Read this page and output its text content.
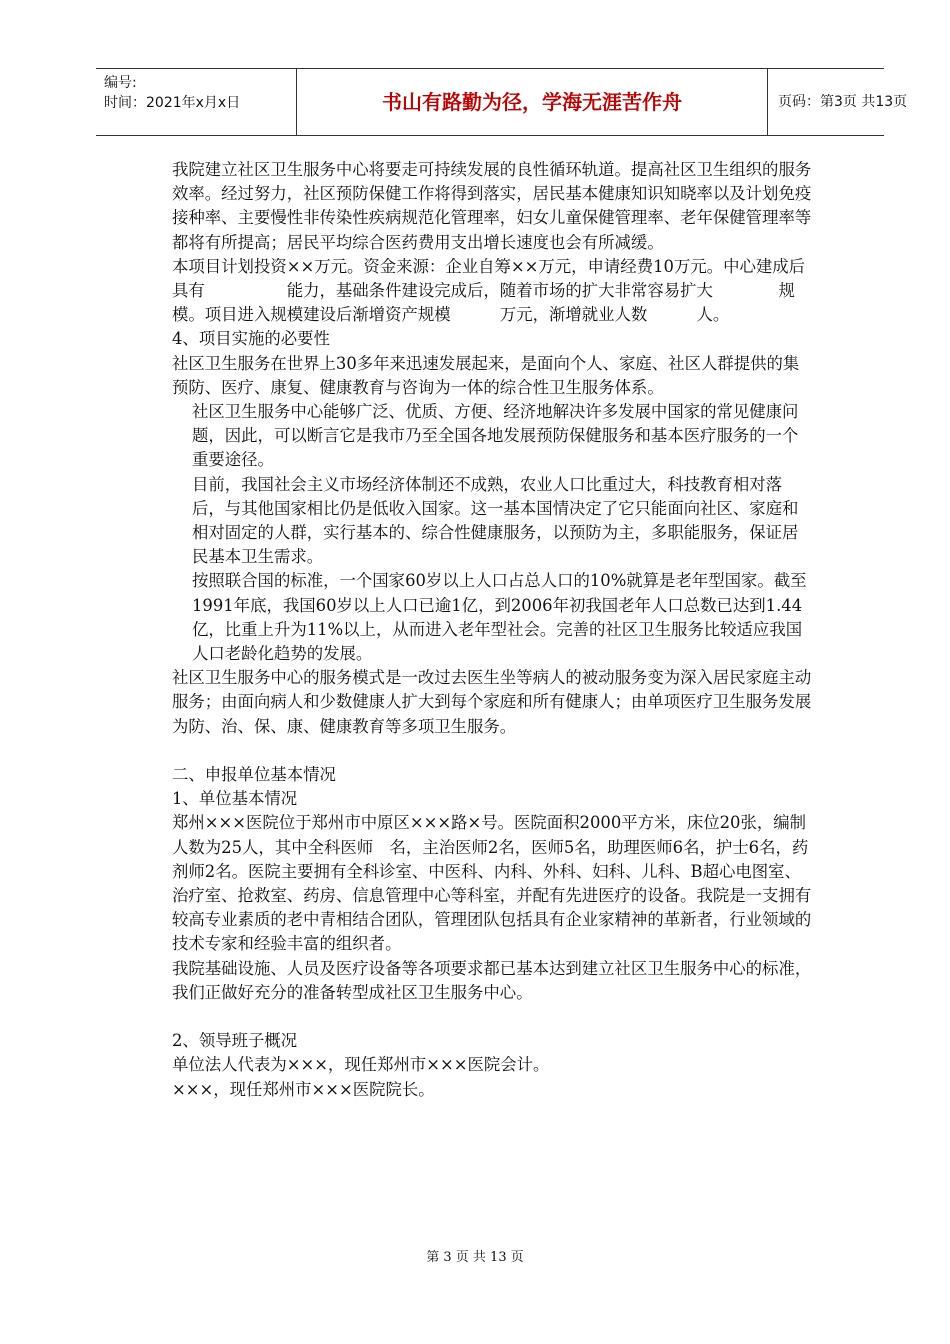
编号:
时间：2021年x月x日	书山有路勤为径，学海无涯苦作舟	页码：第3页 共13页

我院建立社区卫生服务中心将要走可持续发展的良性循环轨道。提高社区卫生组织的服务效率。经过努力，社区预防保健工作将得到落实，居民基本健康知识知晓率以及计划免疫接种率、主要慢性非传染性疾病规范化管理率，妇女儿童保健管理率、老年保健管理率等都将有所提高；居民平均综合医药费用支出增长速度也会有所减缓。

本项目计划投资××万元。资金来源：企业自筹××万元，申请经费10万元。中心建成后具有　　　　　能力，基础条件建设完成后，随着市场的扩大非常容易扩大　　　　规模。项目进入规模建设后渐增资产规模　　　万元，渐增就业人数　　　人。

4、项目实施的必要性

社区卫生服务在世界上30多年来迅速发展起来，是面向个人、家庭、社区人群提供的集预防、医疗、康复、健康教育与咨询为一体的综合性卫生服务体系。

社区卫生服务中心能够广泛、优质、方便、经济地解决许多发展中国家的常见健康问题，因此，可以断言它是我市乃至全国各地发展预防保健服务和基本医疗服务的一个重要途径。

目前，我国社会主义市场经济体制还不成熟，农业人口比重过大，科技教育相对落后，与其他国家相比仍是低收入国家。这一基本国情决定了它只能面向社区、家庭和相对固定的人群，实行基本的、综合性健康服务，以预防为主，多职能服务，保证居民基本卫生需求。

按照联合国的标准，一个国家60岁以上人口占总人口的10%就算是老年型国家。截至1991年底，我国60岁以上人口已逾1亿，到2006年初我国老年人口总数已达到1.44亿，比重上升为11%以上，从而进入老年型社会。完善的社区卫生服务比较适应我国人口老龄化趋势的发展。

社区卫生服务中心的服务模式是一改过去医生坐等病人的被动服务变为深入居民家庭主动服务；由面向病人和少数健康人扩大到每个家庭和所有健康人；由单项医疗卫生服务发展为防、治、保、康、健康教育等多项卫生服务。

二、申报单位基本情况

1、单位基本情况

郑州×××医院位于郑州市中原区×××路×号。医院面积2000平方米，床位20张，编制人数为25人，其中全科医师　名，主治医师2名，医师5名，助理医师6名，护士6名，药剂师2名。医院主要拥有全科诊室、中医科、内科、外科、妇科、儿科、B超心电图室、治疗室、抢救室、药房、信息管理中心等科室，并配有先进医疗的设备。我院是一支拥有较高专业素质的老中青相结合团队，管理团队包括具有企业家精神的革新者，行业领域的技术专家和经验丰富的组织者。

我院基础设施、人员及医疗设备等各项要求都已基本达到建立社区卫生服务中心的标准，我们正做好充分的准备转型成社区卫生服务中心。

2、领导班子概况

单位法人代表为×××，现任郑州市×××医院会计。

×××，现任郑州市×××医院院长。

第 3 页 共 13 页
